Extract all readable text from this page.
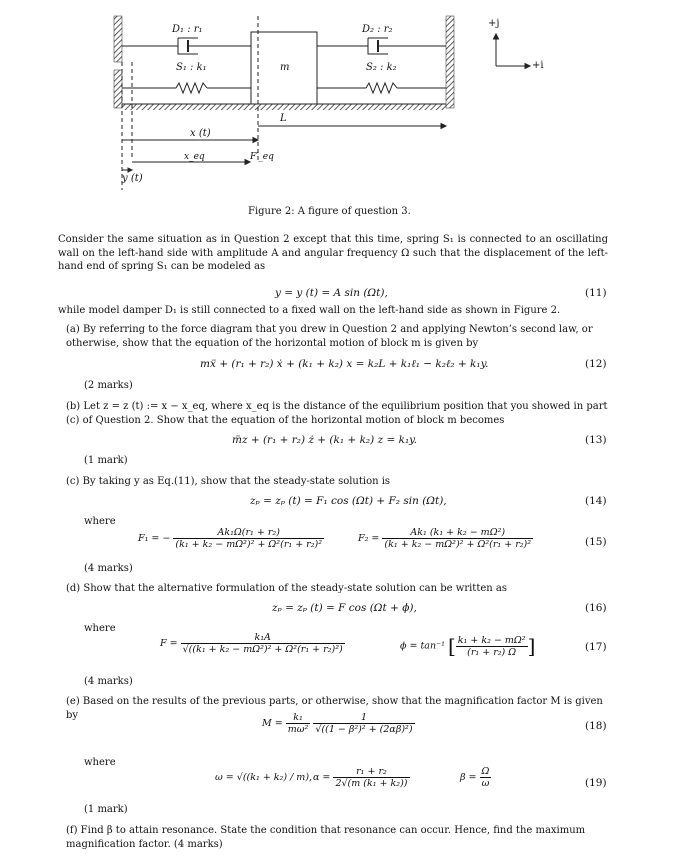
D₁ : r₁	D₂ : r₂
S₁ : k₁	S₂ : k₂
m
L
x (t)
x_eq	F′_eq
y (t)
+j
+i
Figure 2: A figure of question 3.
Consider the same situation as in Question 2 except that this time, spring S₁ is connected to an oscillating wall on the left-hand side with amplitude A and angular frequency Ω such that the displacement of the left-hand end of spring S₁ can be modeled as
y = y (t) = A sin (Ωt),	(11)
while model damper D₁ is still connected to a fixed wall on the left-hand side as shown in Figure 2.
(a) By referring to the force diagram that you drew in Question 2 and applying Newton’s second law, or otherwise, show that the equation of the horizontal motion of block m is given by
mẍ + (r₁ + r₂) ẋ + (k₁ + k₂) x = k₂L + k₁ℓ₁ − k₂ℓ₂ + k₁y.	(12)
(2 marks)
(b) Let z = z (t) := x − x_eq, where x_eq is the distance of the equilibrium position that you showed in part (c) of Question 2. Show that the equation of the horizontal motion of block m becomes
m̈z + (r₁ + r₂) ż + (k₁ + k₂) z = k₁y.	(13)
(1 mark)
(c) By taking y as Eq.(11), show that the steady-state solution is
zₚ = zₚ (t) = F₁ cos (Ωt) + F₂ sin (Ωt),	(14)
where
F₁ = − $\frac{\text{Ak₁Ω(r₁ + r₂)}}{\text{(k₁ + k₂ − mΩ²)² + Ω²(r₁ + r₂)²}}$	$F_2 = \frac{\text{Ak₁ (k₁ + k₂ − mΩ²)}}{\text{(k₁ + k₂ − mΩ²)² + Ω²(r₁ + r₂)²}}$	(15)
(4 marks)
(d) Show that the alternative formulation of the steady-state solution can be written as
zₚ = zₚ (t) = F cos (Ωt + ϕ),	(16)
where
$F = \frac{\text{k₁A}}{\text{√((k₁ + k₂ − mΩ²)² + Ω²(r₁ + r₂)²)}}$	ϕ = tan⁻¹ [ $\frac{\text{k₁ + k₂ − mΩ²}}{\text{(r₁ + r₂) Ω}}$ ]	(17)
(4 marks)
(e) Based on the results of the previous parts, or otherwise, show that the magnification factor M is given by
$M = \frac{\text{k₁}}{\text{mω²}}$
$\frac{1}{\text{√((1 − β²)² + (2αβ)²)}}$	(18)
where
ω = √((k₁ + k₂) / m), $\alpha = \frac{\text{r₁ + r₂}}{\text{2√(m (k₁ + k₂))}}$	$\beta = \frac{\Omega}{\omega}$	(19)
(1 mark)
(f) Find β to attain resonance. State the condition that resonance can occur. Hence, find the maximum magnification factor. (4 marks)
